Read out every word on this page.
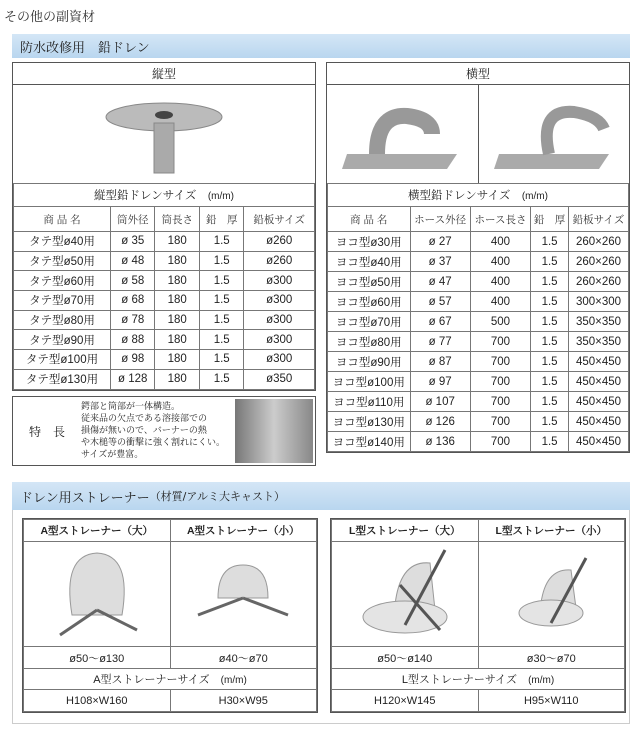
その他の副資材
防水改修用　鉛ドレン
縦型
縦型鉛ドレンサイズ　 (m/m)				
商 品 名	筒外径	筒長さ	鉛　厚	鉛板サイズ
タテ型ø40用	ø 35	180	1.5	ø260
タテ型ø50用	ø 48	180	1.5	ø260
タテ型ø60用	ø 58	180	1.5	ø300
タテ型ø70用	ø 68	180	1.5	ø300
タテ型ø80用	ø 78	180	1.5	ø300
タテ型ø90用	ø 88	180	1.5	ø300
タテ型ø100用	ø 98	180	1.5	ø300
タテ型ø130用	ø 128	180	1.5	ø350
特　長
鍔部と筒部が一体構造。
従来品の欠点である溶接部での
損傷が無いので、バーナーの熱
や木槌等の衝撃に強く割れにくい。
サイズが豊富。
横型
横型鉛ドレンサイズ　 (m/m)				
商 品 名	ホース外径	ホース長さ	鉛　厚	鉛板サイズ
ヨコ型ø30用	ø 27	400	1.5	260×260
ヨコ型ø40用	ø 37	400	1.5	260×260
ヨコ型ø50用	ø 47	400	1.5	260×260
ヨコ型ø60用	ø 57	400	1.5	300×300
ヨコ型ø70用	ø 67	500	1.5	350×350
ヨコ型ø80用	ø 77	700	1.5	350×350
ヨコ型ø90用	ø 87	700	1.5	450×450
ヨコ型ø100用	ø 97	700	1.5	450×450
ヨコ型ø110用	ø 107	700	1.5	450×450
ヨコ型ø130用	ø 126	700	1.5	450×450
ヨコ型ø140用	ø 136	700	1.5	450×450
ドレン用ストレーナー （材質/アルミ大キャスト）
A型ストレーナー（大）	A型ストレーナー（小）

ø50～ø130	ø40～ø70
A型ストレーナーサイズ　 (m/m)	
H108×W160	H30×W95
L型ストレーナー（大）	L型ストレーナー（小）

ø50～ø140	ø30～ø70
L型ストレーナーサイズ　 (m/m)	
H120×W145	H95×W110
